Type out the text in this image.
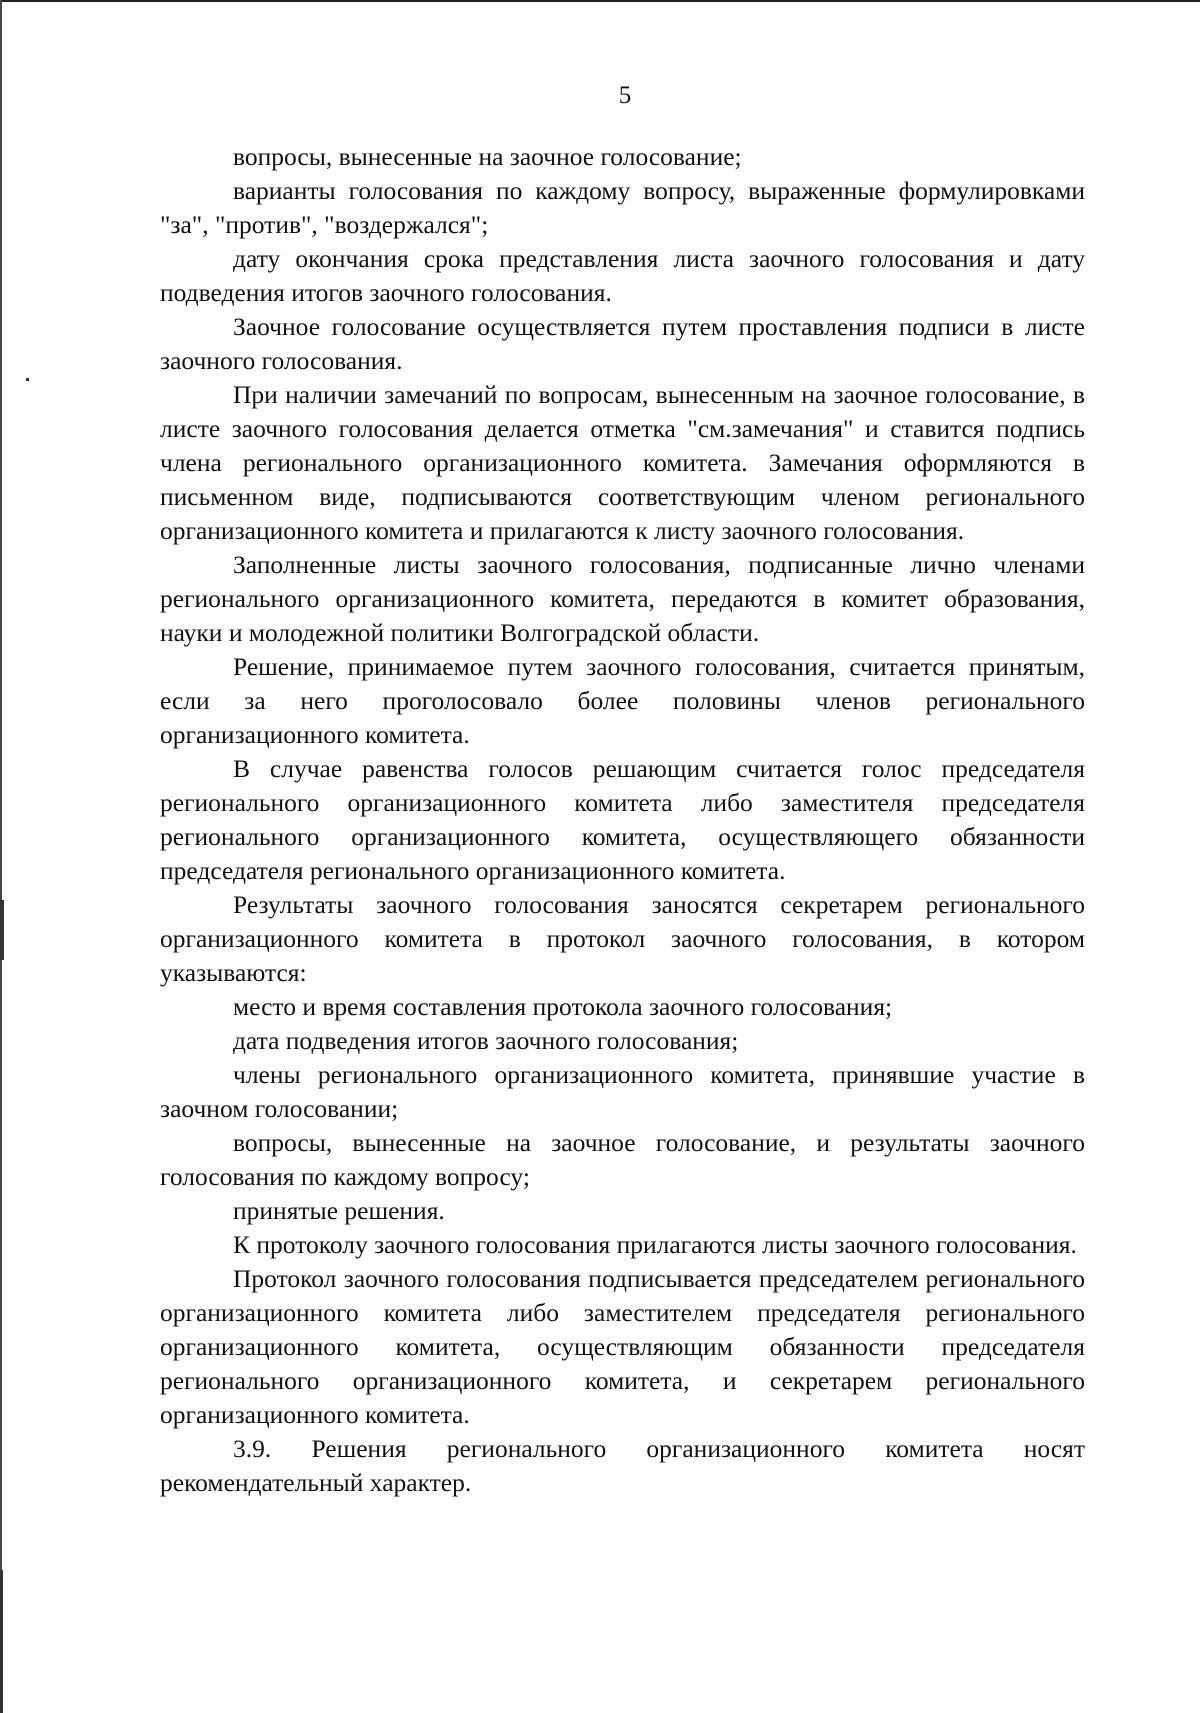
5

вопросы, вынесенные на заочное голосование;

варианты голосования по каждому вопросу, выраженные формулировками "за", "против", "воздержался";

дату окончания срока представления листа заочного голосования и дату подведения итогов заочного голосования.

Заочное голосование осуществляется путем проставления подписи в листе заочного голосования.

При наличии замечаний по вопросам, вынесенным на заочное голосование, в листе заочного голосования делается отметка "см.замечания" и ставится подпись члена регионального организационного комитета. Замечания оформляются в письменном виде, подписываются соответствующим членом регионального организационного комитета и прилагаются к листу заочного голосования.

Заполненные листы заочного голосования, подписанные лично членами регионального организационного комитета, передаются в комитет образования, науки и молодежной политики Волгоградской области.

Решение, принимаемое путем заочного голосования, считается принятым, если за него проголосовало более половины членов регионального организационного комитета.

В случае равенства голосов решающим считается голос председателя регионального организационного комитета либо заместителя председателя регионального организационного комитета, осуществляющего обязанности председателя регионального организационного комитета.

Результаты заочного голосования заносятся секретарем регионального организационного комитета в протокол заочного голосования, в котором указываются:

место и время составления протокола заочного голосования;

дата подведения итогов заочного голосования;

члены регионального организационного комитета, принявшие участие в заочном голосовании;

вопросы, вынесенные на заочное голосование, и результаты заочного голосования по каждому вопросу;

принятые решения.

К протоколу заочного голосования прилагаются листы заочного голосования.

Протокол заочного голосования подписывается председателем регионального организационного комитета либо заместителем председателя регионального организационного комитета, осуществляющим обязанности председателя регионального организационного комитета, и секретарем регионального организационного комитета.

3.9. Решения регионального организационного комитета носят рекомендательный характер.
